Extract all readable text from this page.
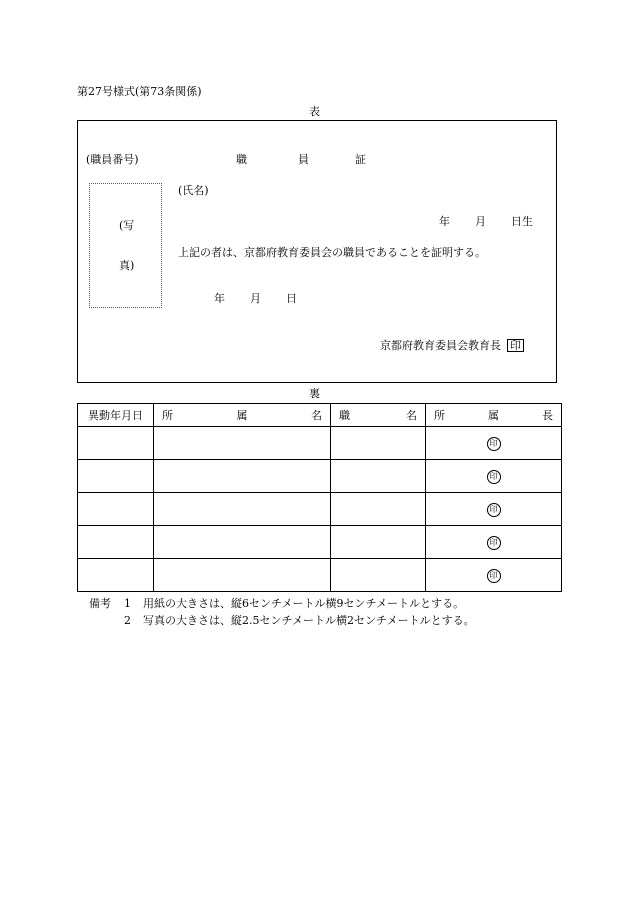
第27号様式(第73条関係)
表
(職員番号)	職	員	証
(写
真)
(氏名)
年 月 日生
上記の者は、京都府教育委員会の職員であることを証明する。
年 月 日
京都府教育委員会教育長 印
裏
異動年月日	所 属 名	職 名	所 属 長

			印
			印
			印
			印
			印
備考 1 用紙の大きさは、縦6センチメートル横9センチメートルとする。
2 写真の大きさは、縦2.5センチメートル横2センチメートルとする。
